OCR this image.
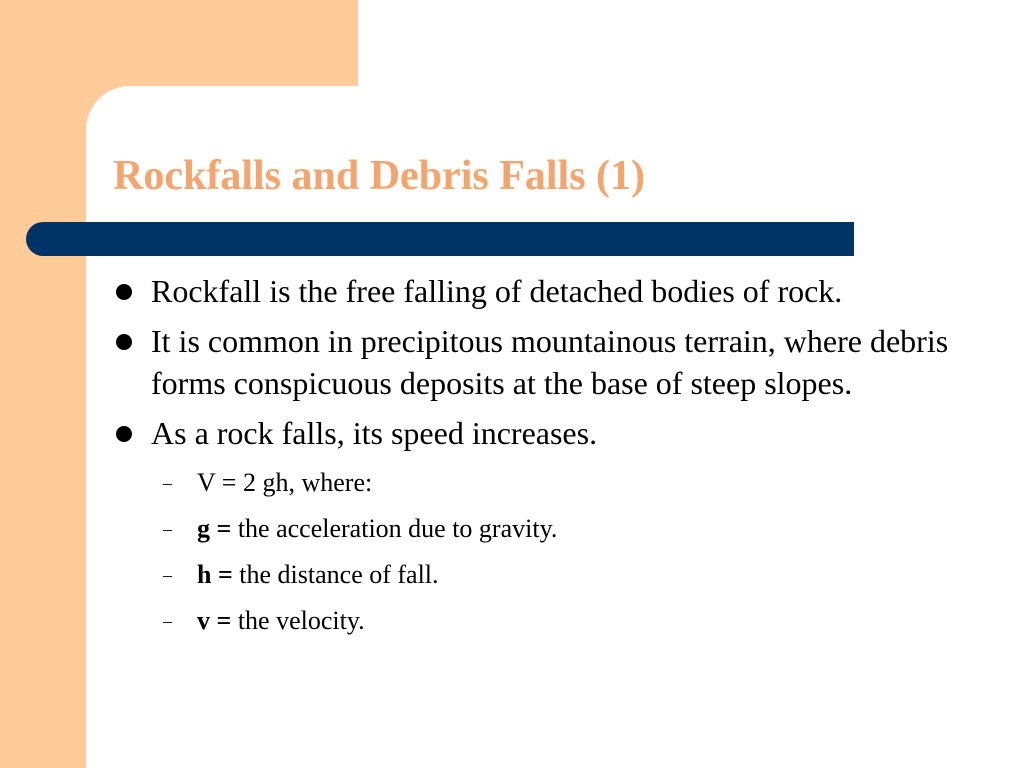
Rockfalls and Debris Falls (1)
Rockfall is the free falling of detached bodies of rock.
It is common in precipitous mountainous terrain, where debris forms conspicuous deposits at the base of steep slopes.
As a rock falls, its speed increases.
– V = 2 gh, where:
– g = the acceleration due to gravity.
– h = the distance of fall.
– v = the velocity.
